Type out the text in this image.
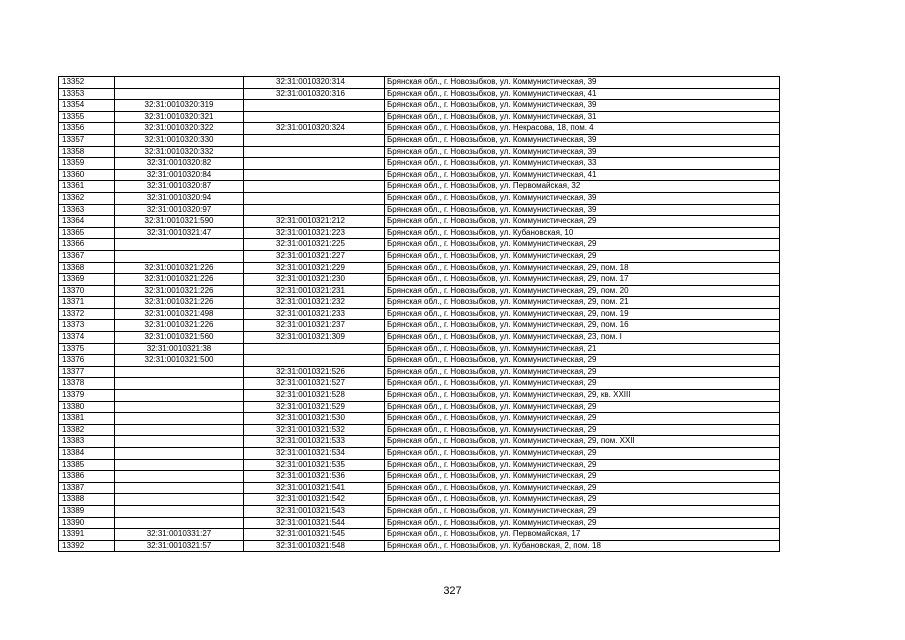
13352		32:31:0010320:314	Брянская обл., г. Новозыбков, ул. Коммунистическая, 39
13353		32:31:0010320:316	Брянская обл., г. Новозыбков, ул. Коммунистическая, 41
13354	32:31:0010320:319		Брянская обл., г. Новозыбков, ул. Коммунистическая, 39
13355	32:31:0010320:321		Брянская обл., г. Новозыбков, ул. Коммунистическая, 31
13356	32:31:0010320:322	32:31:0010320:324	Брянская обл., г. Новозыбков, ул. Некрасова, 18, пом. 4
13357	32:31:0010320:330		Брянская обл., г. Новозыбков, ул. Коммунистическая, 39
13358	32:31:0010320:332		Брянская обл., г. Новозыбков, ул. Коммунистическая, 39
13359	32:31:0010320:82		Брянская обл., г. Новозыбков, ул. Коммунистическая, 33
13360	32:31:0010320:84		Брянская обл., г. Новозыбков, ул. Коммунистическая, 41
13361	32:31:0010320:87		Брянская обл., г. Новозыбков, ул. Первомайская, 32
13362	32:31:0010320:94		Брянская обл., г. Новозыбков, ул. Коммунистическая, 39
13363	32:31:0010320:97		Брянская обл., г. Новозыбков, ул. Коммунистическая, 39
13364	32:31:0010321:590	32:31:0010321:212	Брянская обл., г. Новозыбков, ул. Коммунистическая, 29
13365	32:31:0010321:47	32:31:0010321:223	Брянская обл., г. Новозыбков, ул. Кубановская, 10
13366		32:31:0010321:225	Брянская обл., г. Новозыбков, ул. Коммунистическая, 29
13367		32:31:0010321:227	Брянская обл., г. Новозыбков, ул. Коммунистическая, 29
13368	32:31:0010321:226	32:31:0010321:229	Брянская обл., г. Новозыбков, ул. Коммунистическая, 29, пом. 18
13369	32:31:0010321:226	32:31:0010321:230	Брянская обл., г. Новозыбков, ул. Коммунистическая, 29, пом. 17
13370	32:31:0010321:226	32:31:0010321:231	Брянская обл., г. Новозыбков, ул. Коммунистическая, 29, пом. 20
13371	32:31:0010321:226	32:31:0010321:232	Брянская обл., г. Новозыбков, ул. Коммунистическая, 29, пом. 21
13372	32:31:0010321:498	32:31:0010321:233	Брянская обл., г. Новозыбков, ул. Коммунистическая, 29, пом. 19
13373	32:31:0010321:226	32:31:0010321:237	Брянская обл., г. Новозыбков, ул. Коммунистическая, 29, пом. 16
13374	32:31:0010321:560	32:31:0010321:309	Брянская обл., г. Новозыбков, ул. Коммунистическая, 23, пом. I
13375	32:31:0010321:38		Брянская обл., г. Новозыбков, ул. Коммунистическая, 21
13376	32:31:0010321:500		Брянская обл., г. Новозыбков, ул. Коммунистическая, 29
13377		32:31:0010321:526	Брянская обл., г. Новозыбков, ул. Коммунистическая, 29
13378		32:31:0010321:527	Брянская обл., г. Новозыбков, ул. Коммунистическая, 29
13379		32:31:0010321:528	Брянская обл., г. Новозыбков, ул. Коммунистическая, 29, кв. XXIII
13380		32:31:0010321:529	Брянская обл., г. Новозыбков, ул. Коммунистическая, 29
13381		32:31:0010321:530	Брянская обл., г. Новозыбков, ул. Коммунистическая, 29
13382		32:31:0010321:532	Брянская обл., г. Новозыбков, ул. Коммунистическая, 29
13383		32:31:0010321:533	Брянская обл., г. Новозыбков, ул. Коммунистическая, 29, пом. XXII
13384		32:31:0010321:534	Брянская обл., г. Новозыбков, ул. Коммунистическая, 29
13385		32:31:0010321:535	Брянская обл., г. Новозыбков, ул. Коммунистическая, 29
13386		32:31:0010321:536	Брянская обл., г. Новозыбков, ул. Коммунистическая, 29
13387		32:31:0010321:541	Брянская обл., г. Новозыбков, ул. Коммунистическая, 29
13388		32:31:0010321:542	Брянская обл., г. Новозыбков, ул. Коммунистическая, 29
13389		32:31:0010321:543	Брянская обл., г. Новозыбков, ул. Коммунистическая, 29
13390		32:31:0010321:544	Брянская обл., г. Новозыбков, ул. Коммунистическая, 29
13391	32:31:0010331:27	32:31:0010321:545	Брянская обл., г. Новозыбков, ул. Первомайская, 17
13392	32:31:0010321:57	32:31:0010321:548	Брянская обл., г. Новозыбков, ул. Кубановская, 2, пом. 18
327
